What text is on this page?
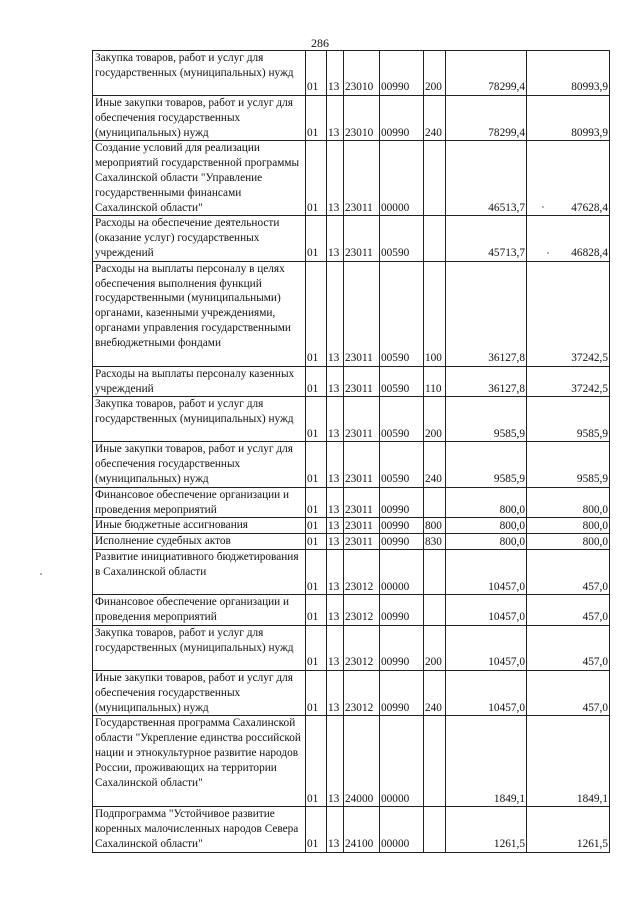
286
Закупка товаров, работ и услуг для государственных (муниципальных) нужд	01	13	23010	00990	200	78299,4	80993,9
Иные закупки товаров, работ и услуг для обеспечения государственных (муниципальных) нужд	01	13	23010	00990	240	78299,4	80993,9
Создание условий для реализации мероприятий государственной программы Сахалинской области "Управление государственными финансами Сахалинской области"	01	13	23011	00000		46513,7	47628,4
Расходы на обеспечение деятельности (оказание услуг) государственных учреждений	01	13	23011	00590		45713,7	46828,4
Расходы на выплаты персоналу в целях обеспечения выполнения функций государственными (муниципальными) органами, казенными учреждениями, органами управления государственными внебюджетными фондами	01	13	23011	00590	100	36127,8	37242,5
Расходы на выплаты персоналу казенных учреждений	01	13	23011	00590	110	36127,8	37242,5
Закупка товаров, работ и услуг для государственных (муниципальных) нужд	01	13	23011	00590	200	9585,9	9585,9
Иные закупки товаров, работ и услуг для обеспечения государственных (муниципальных) нужд	01	13	23011	00590	240	9585,9	9585,9
Финансовое обеспечение организации и проведения мероприятий	01	13	23011	00990		800,0	800,0
Иные бюджетные ассигнования	01	13	23011	00990	800	800,0	800,0
Исполнение судебных актов	01	13	23011	00990	830	800,0	800,0
Развитие инициативного бюджетирования в Сахалинской области	01	13	23012	00000		10457,0	457,0
Финансовое обеспечение организации и проведения мероприятий	01	13	23012	00990		10457,0	457,0
Закупка товаров, работ и услуг для государственных (муниципальных) нужд	01	13	23012	00990	200	10457,0	457,0
Иные закупки товаров, работ и услуг для обеспечения государственных (муниципальных) нужд	01	13	23012	00990	240	10457,0	457,0
Государственная программа Сахалинской области "Укрепление единства российской нации и этнокультурное развитие народов России, проживающих на территории Сахалинской области"	01	13	24000	00000		1849,1	1849,1
Подпрограмма "Устойчивое развитие коренных малочисленных народов Севера Сахалинской области"	01	13	24100	00000		1261,5	1261,5
